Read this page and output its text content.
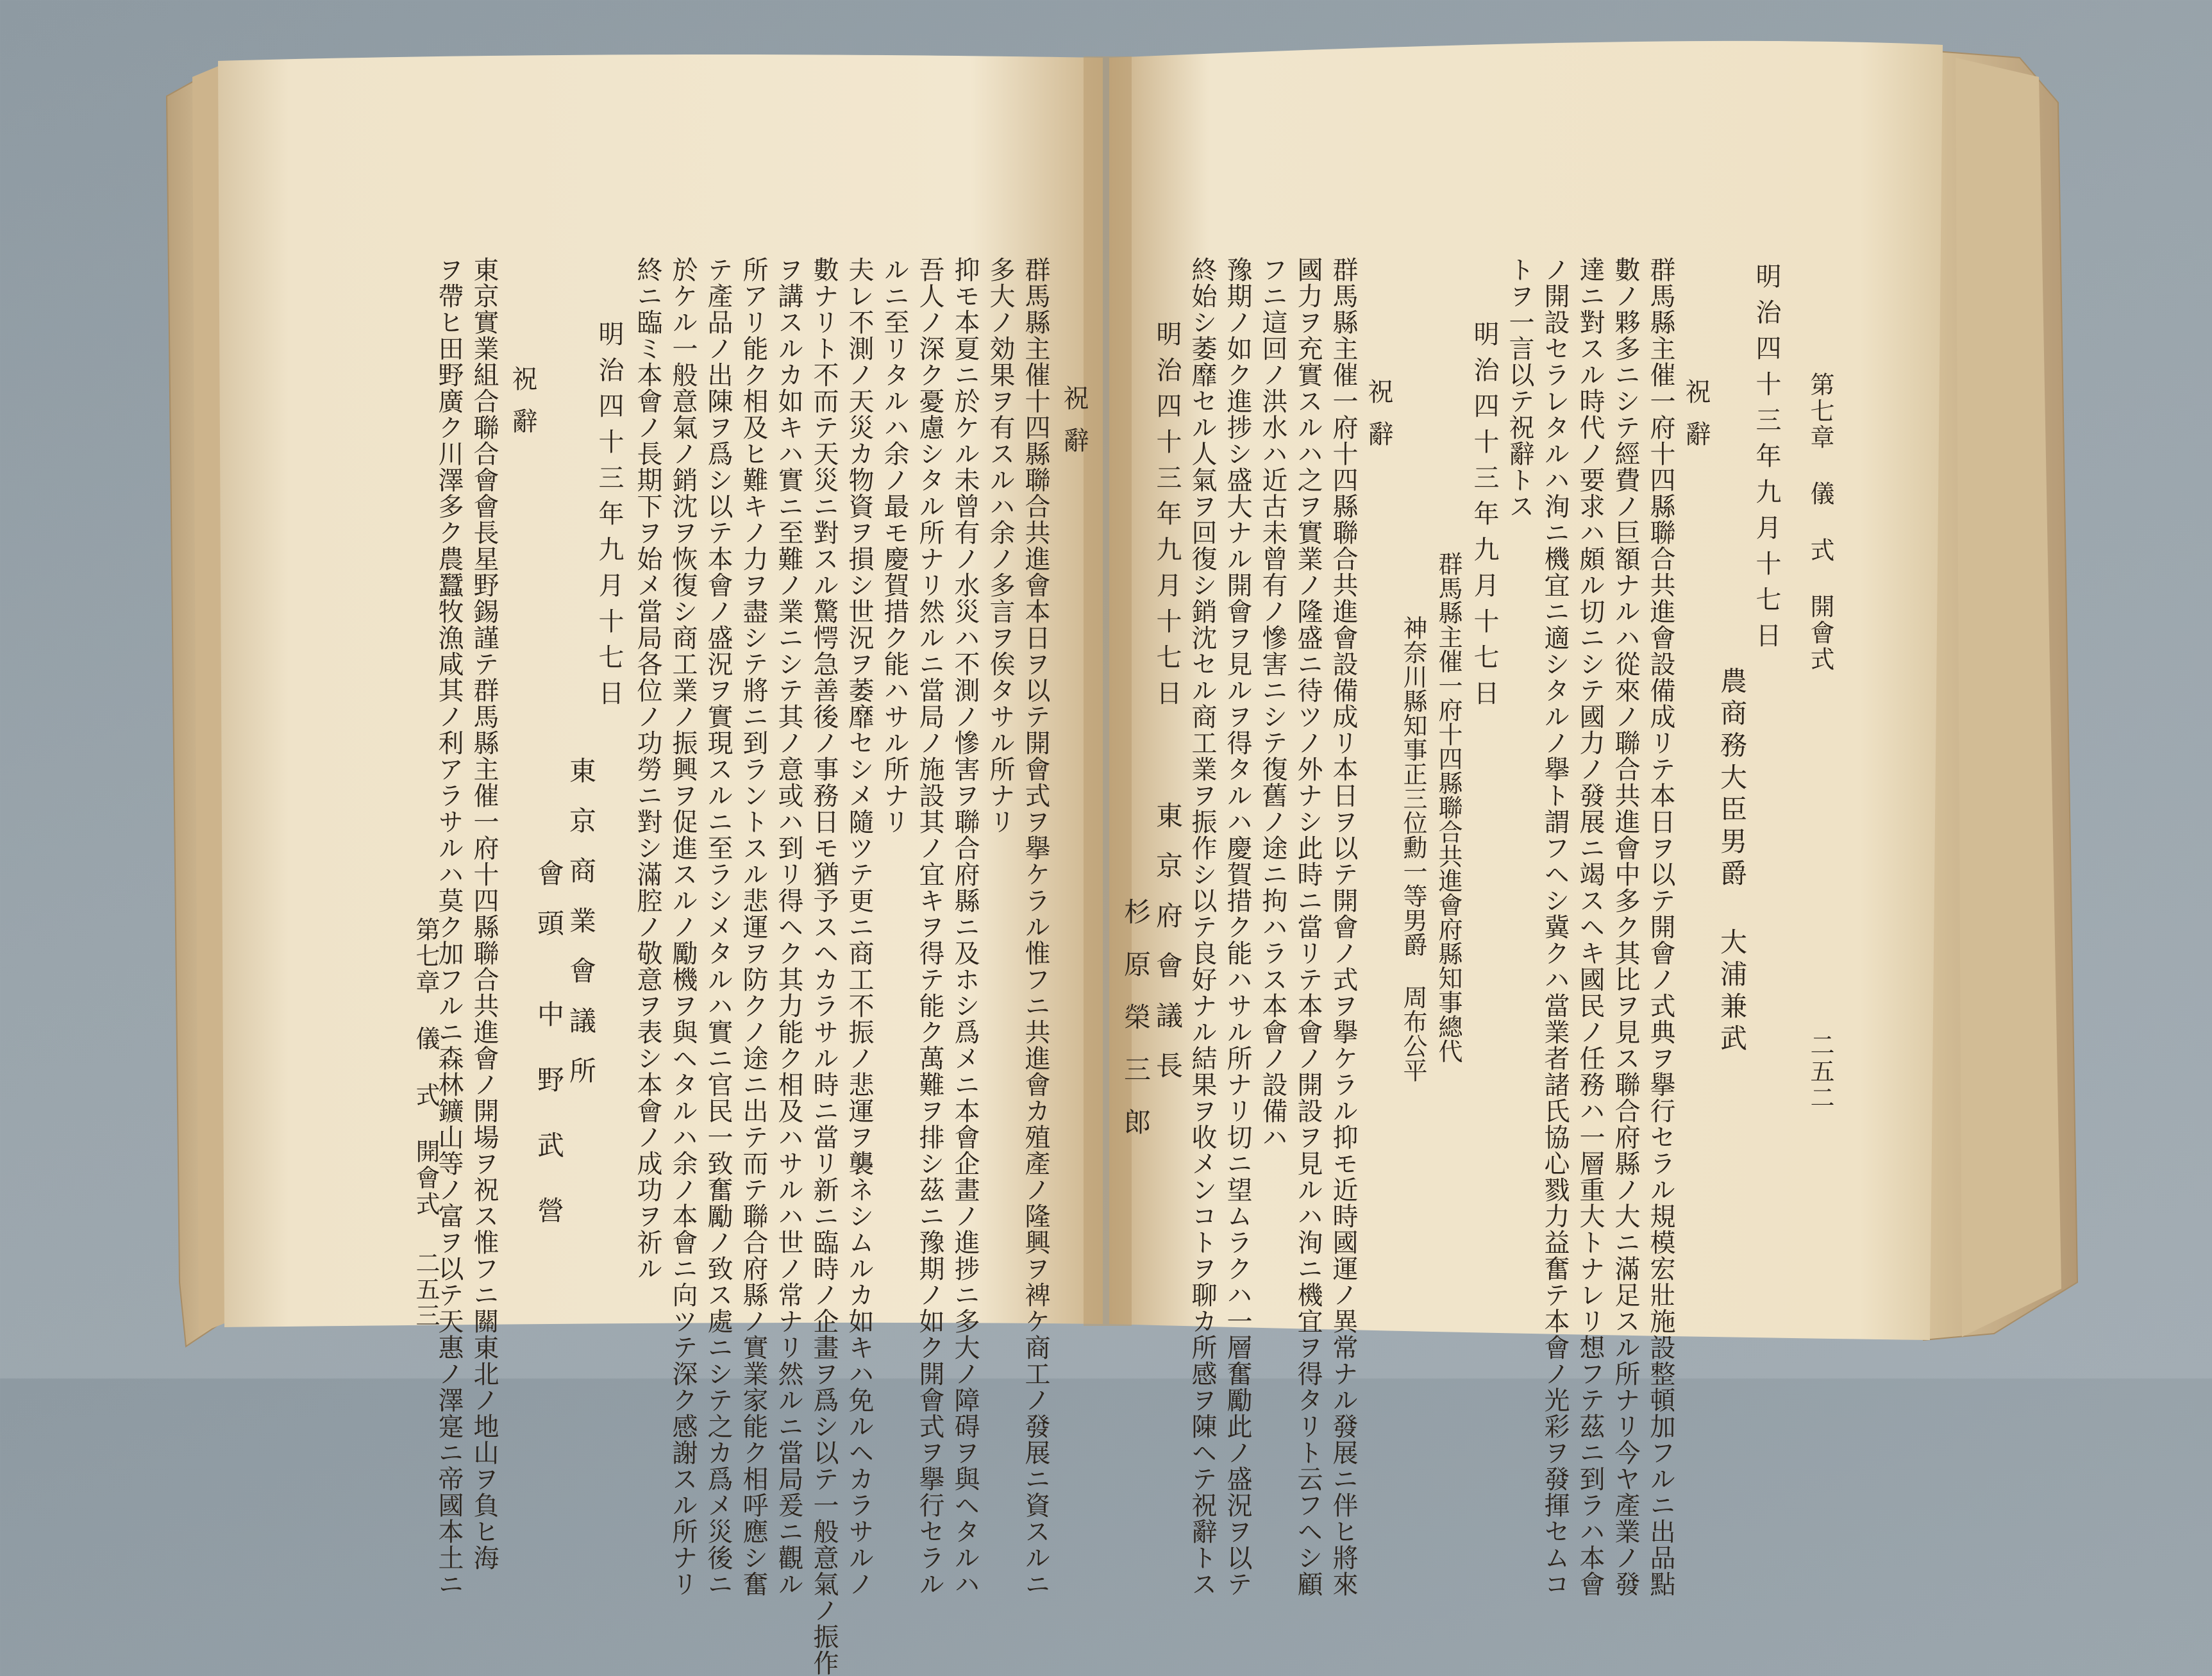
第七章 儀 式 開會式
二五三
祝辭
東京實業組合聯合會會長星野錫謹テ群馬縣主催一府十四縣聯合共進會ノ開場ヲ祝ス惟フニ關東北ノ地山ヲ負ヒ海
ヲ帶ヒ田野廣ク川澤多ク農蠶牧漁咸其ノ利アラサルハ莫ク加フルニ森林鑛山等ノ富ヲ以テ天惠ノ澤寔ニ帝國本土ニ	東京商業會議所
會頭
中野武營
明治四十三年九月十七日 終ニ臨ミ本會ノ長期下ヲ始メ當局各位ノ功勞ニ對シ滿腔ノ敬意ヲ表シ本會ノ成功ヲ祈ル 於ケル一般意氣ノ銷沈ヲ恢復シ商工業ノ振興ヲ促進スルノ勵機ヲ與ヘタルハ余ノ本會ニ向ツテ深ク感謝スル所ナリ テ產品ノ出陳ヲ爲シ以テ本會ノ盛況ヲ實現スルニ至ラシメタルハ實ニ官民一致奮勵ノ致ス處ニシテ之カ爲メ災後ニ 所アリ能ク相及ヒ難キノ力ヲ盡シテ將ニ到ラントスル悲運ヲ防クノ途ニ出テ而テ聯合府縣ノ實業家能ク相呼應シ奮 ヲ講スルカ如キハ實ニ至難ノ業ニシテ其ノ意或ハ到リ得ヘク其力能ク相及ハサルハ世ノ常ナリ然ルニ當局爰ニ觀ル 數ナリト不而テ天災ニ對スル驚愕急善後ノ事務日モ猶予スヘカラサル時ニ當リ新ニ臨時ノ企畫ヲ爲シ以テ一般意氣ノ振作 夫レ不測ノ天災カ物資ヲ損シ世況ヲ萎靡セシメ隨ツテ更ニ商工不振ノ悲運ヲ襲ネシムルカ如キハ免ルヘカラサルノ ルニ至リタルハ余ノ最モ慶賀措ク能ハサル所ナリ 吾人ノ深ク憂慮シタル所ナリ然ルニ當局ノ施設其ノ宜キヲ得テ能ク萬難ヲ排シ茲ニ豫期ノ如ク開會式ヲ擧行セラル 抑モ本夏ニ於ケル未曾有ノ水災ハ不測ノ慘害ヲ聯合府縣ニ及ホシ爲メニ本會企畫ノ進捗ニ多大ノ障碍ヲ與ヘタルハ 多大ノ効果ヲ有スルハ余ノ多言ヲ俟タサル所ナリ 群馬縣主催十四縣聯合共進會本日ヲ以テ開會式ヲ擧ケラル惟フニ共進會カ殖產ノ隆興ヲ裨ケ商工ノ發展ニ資スルニ 祝辭	第七章 儀 式 開會式
二五二
明治四十三年九月十七日
農商務大臣男爵 大浦兼武
祝辭
群馬縣主催一府十四縣聯合共進會設備成リテ本日ヲ以テ開會ノ式典ヲ擧行セラル規模宏壯施設整頓加フルニ出品點
數ノ夥多ニシテ經費ノ巨額ナルハ從來ノ聯合共進會中多ク其比ヲ見ス聯合府縣ノ大ニ滿足スル所ナリ今ヤ產業ノ發
達ニ對スル時代ノ要求ハ頗ル切ニシテ國力ノ發展ニ竭スヘキ國民ノ任務ハ一層重大トナレリ想フテ茲ニ到ラハ本會
ノ開設セラレタルハ洵ニ機宜ニ適シタルノ擧ト謂フヘシ冀クハ當業者諸氏協心戮力益奮テ本會ノ光彩ヲ發揮セムコ
トヲ一言以テ祝辭トス
明治四十三年九月十七日
群馬縣主催一府十四縣聯合共進會府縣知事總代
神奈川縣知事正三位勳一等男爵 周布公平
祝辭
群馬縣主催一府十四縣聯合共進會設備成リ本日ヲ以テ開會ノ式ヲ擧ケラル抑モ近時國運ノ異常ナル發展ニ伴ヒ將來
國力ヲ充實スルハ之ヲ實業ノ隆盛ニ待ツノ外ナシ此時ニ當リテ本會ノ開設ヲ見ルハ洵ニ機宜ヲ得タリト云フヘシ顧
フニ這回ノ洪水ハ近古未曾有ノ慘害ニシテ復舊ノ途ニ拘ハラス本會ノ設備ハ
豫期ノ如ク進捗シ盛大ナル開會ヲ見ルヲ得タルハ慶賀措ク能ハサル所ナリ切ニ望ムラクハ一層奮勵此ノ盛況ヲ以テ
終始シ萎靡セル人氣ヲ回復シ銷沈セル商工業ヲ振作シ以テ良好ナル結果ヲ收メンコトヲ聊カ所感ヲ陳ヘテ祝辭トス
明治四十三年九月十七日
東京府會議長
杉原榮三郎
